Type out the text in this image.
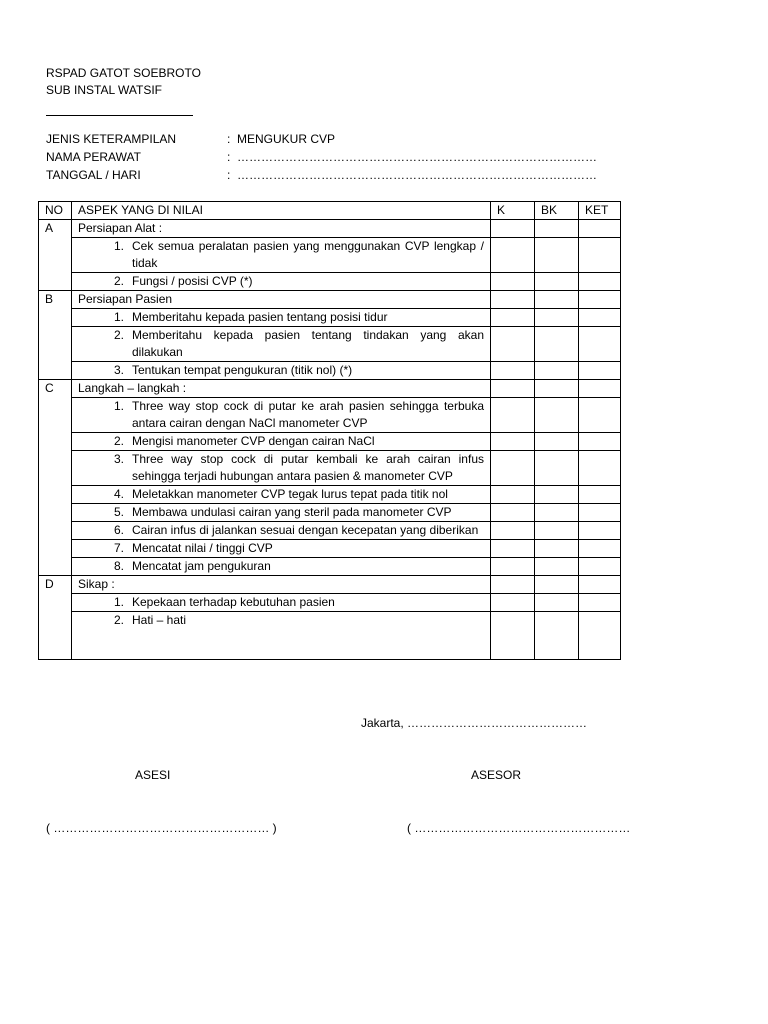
RSPAD GATOT SOEBROTO
SUB INSTAL WATSIF
JENIS KETERAMPILAN	: MENGUKUR CVP
NAMA PERAWAT	: ………………………………………………………………………………
TANGGAL / HARI	: ………………………………………………………………………………
NO	ASPEK YANG DI NILAI	K	BK	KET
A	Persiapan Alat :			

	1. Cek semua peralatan pasien yang menggunakan CVP lengkap / tidak			

	2. Fungsi / posisi CVP (*)			

B	Persiapan Pasien			

	1. Memberitahu kepada pasien tentang posisi tidur			

	2. Memberitahu kepada pasien tentang tindakan yang akan dilakukan			

	3. Tentukan tempat pengukuran (titik nol) (*)			

C	Langkah – langkah :			

	1. Three way stop cock di putar ke arah pasien sehingga terbuka antara cairan dengan NaCl manometer CVP			

	2. Mengisi manometer CVP dengan cairan NaCl			

	3. Three way stop cock di putar kembali ke arah cairan infus sehingga terjadi hubungan antara pasien & manometer CVP			

	4. Meletakkan manometer CVP tegak lurus tepat pada titik nol			

	5. Membawa undulasi cairan yang steril pada manometer CVP			

	6. Cairan infus di jalankan sesuai dengan kecepatan yang diberikan			

	7. Mencatat nilai / tinggi CVP			

	8. Mencatat jam pengukuran			

D	Sikap :			

	1. Kepekaan terhadap kebutuhan pasien			

	2. Hati – hati			

Jakarta, ………………………………………
ASESI	ASESOR
( ……………………………………………… )	( ………………………………………………
